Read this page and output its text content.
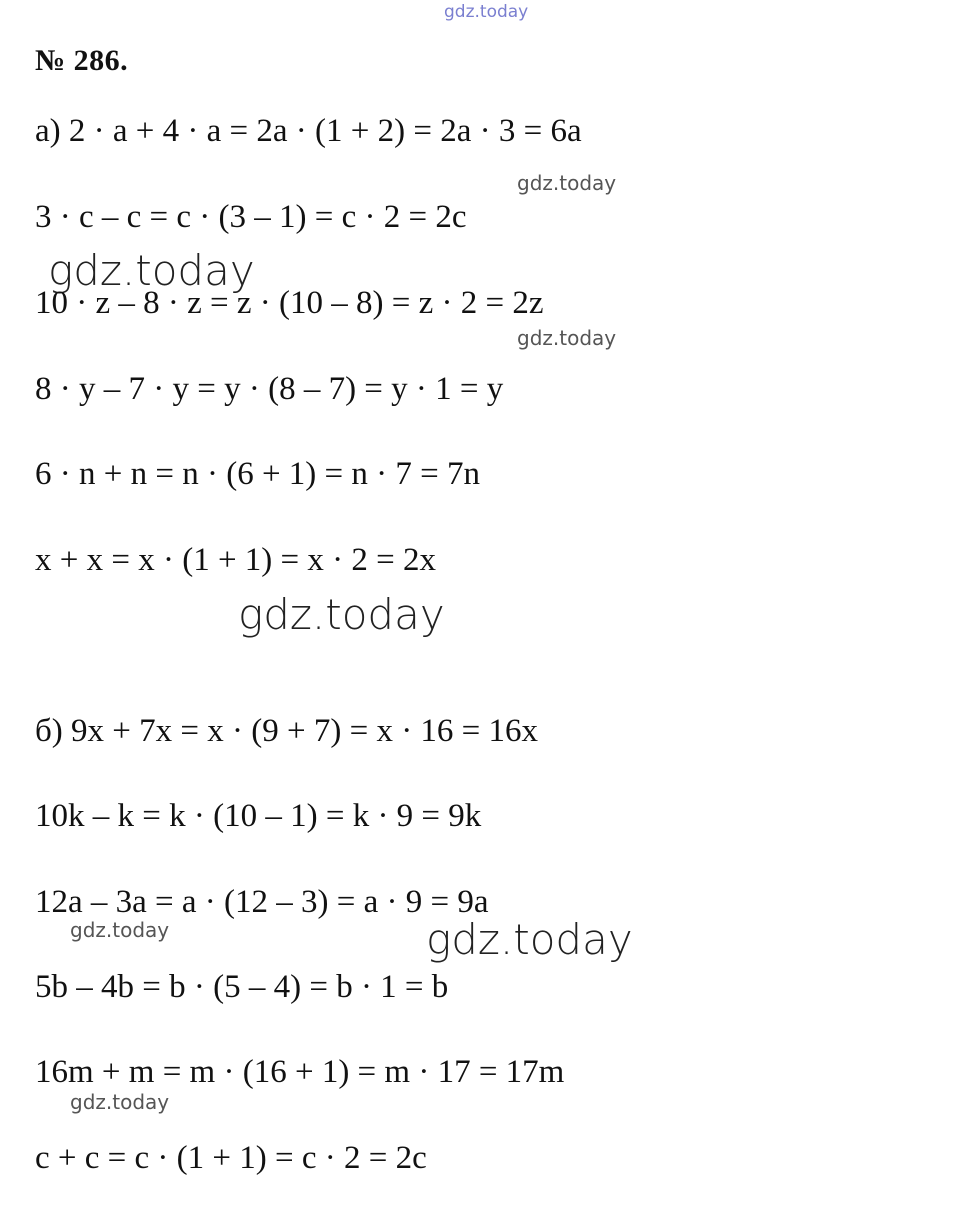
gdz.today
№ 286.
а) 2 · a + 4 · a = 2a · (1 + 2) = 2a · 3 = 6a
gdz.today
3 · c – c = c · (3 – 1) = c · 2 = 2c
gdz.today
10 · z – 8 · z = z · (10 – 8) = z · 2 = 2z
gdz.today
8 · y – 7 · y = y · (8 – 7) = y · 1 = y
6 · n + n = n · (6 + 1) = n · 7 = 7n
x + x = x · (1 + 1) = x · 2 = 2x
gdz.today
б) 9x + 7x = x · (9 + 7) = x · 16 = 16x
10k – k = k · (10 – 1) = k · 9 = 9k
12a – 3a = a · (12 – 3) = a · 9 = 9a
gdz.today	gdz.today
5b – 4b = b · (5 – 4) = b · 1 = b
16m + m = m · (16 + 1) = m · 17 = 17m
gdz.today
c + c = c · (1 + 1) = c · 2 = 2c
